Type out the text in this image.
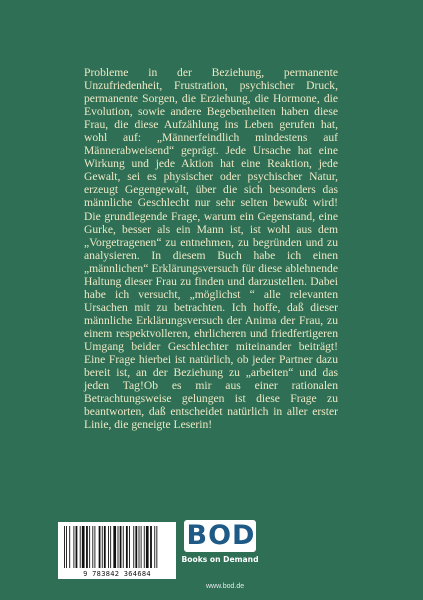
Probleme in der Beziehung, permanente Unzufriedenheit, Frustration, psychischer Druck, permanente Sorgen, die Erziehung, die Hormone, die Evolution, sowie andere Begebenheiten haben diese Frau, die diese Aufzählung ins Leben gerufen hat, wohl auf: „Männerfeindlich mindestens auf Männerabweisend“ geprägt. Jede Ursache hat eine Wirkung und jede Aktion hat eine Reaktion, jede Gewalt, sei es physischer oder psychischer Natur, erzeugt Gegengewalt, über die sich besonders das männliche Geschlecht nur sehr selten bewußt wird! Die grundlegende Frage, warum ein Gegenstand, eine Gurke, besser als ein Mann ist, ist wohl aus dem „Vorgetragenen“ zu entnehmen, zu begründen und zu analysieren. In diesem Buch habe ich einen „männlichen“ Erklärungsversuch für diese ablehnende Haltung dieser Frau zu finden und darzustellen. Dabei habe ich versucht, „möglichst “ alle relevanten Ursachen mit zu betrachten. Ich hoffe, daß dieser männliche Erklärungsversuch der Anima der Frau, zu einem respektvolleren, ehrlicheren und friedfertigeren Umgang beider Geschlechter miteinander beiträgt! Eine Frage hierbei ist natürlich, ob jeder Partner dazu bereit ist, an der Beziehung zu „arbeiten“ und das jeden Tag!Ob es mir aus einer rationalen Betrachtungsweise gelungen ist diese Frage zu beantworten, daß entscheidet natürlich in aller erster Linie, die geneigte Leserin!

9 783842 364684
BOD
Books on Demand
www.bod.de
